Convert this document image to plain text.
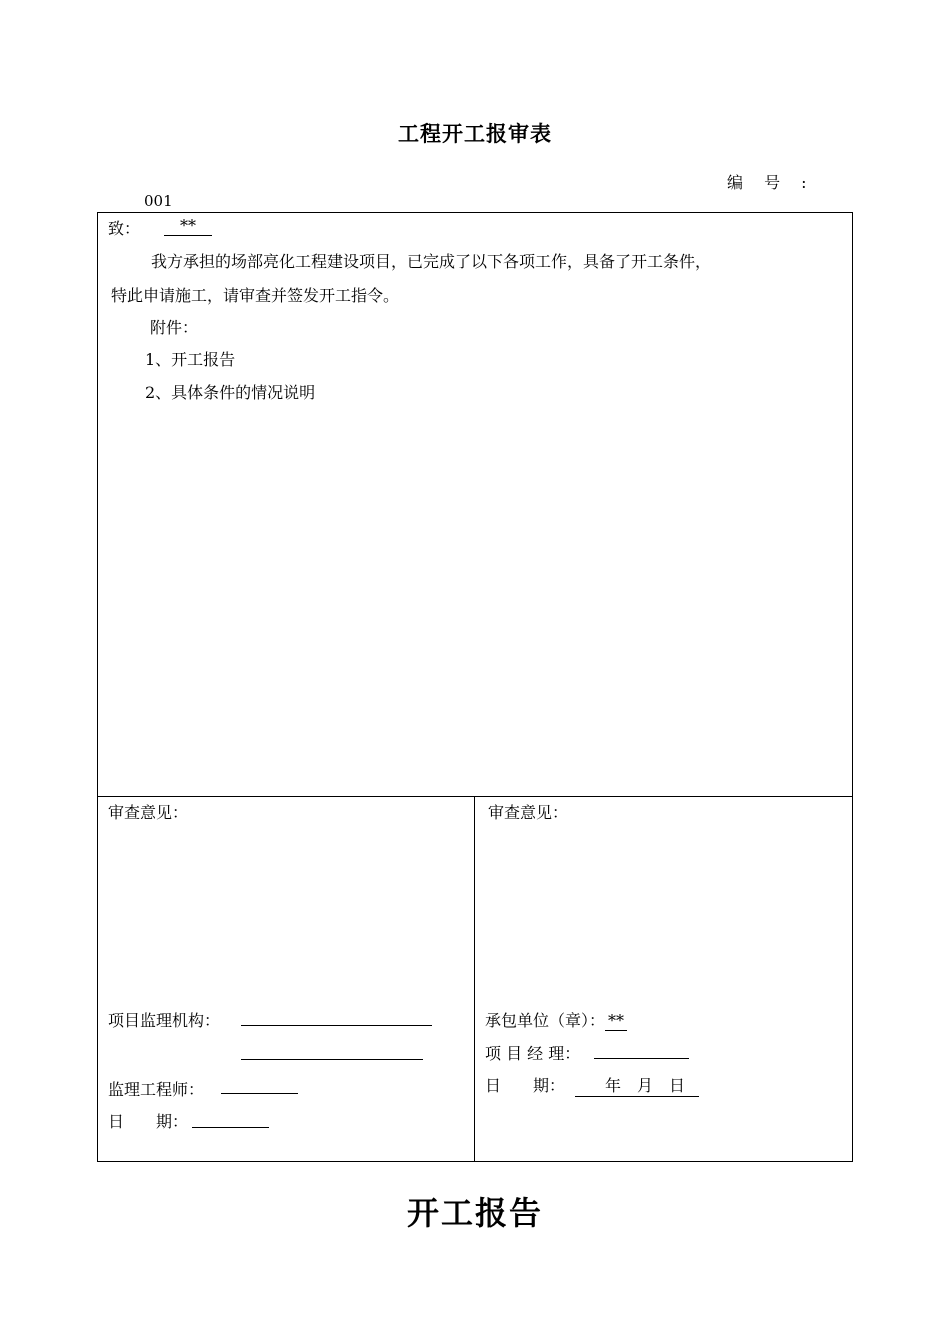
工程开工报审表
编 号 :
001
致：	**
我方承担的场部亮化工程建设项目，已完成了以下各项工作，具备了开工条件，
特此申请施工，请审查并签发开工指令。
附件：
1、开工报告
2、具体条件的情况说明
审查意见：
项目监理机构：
监理工程师：
日　　期：
审查意见：
承包单位（章）： **
项 目 经 理：
日　　期：	　年　月　日
开工报告
